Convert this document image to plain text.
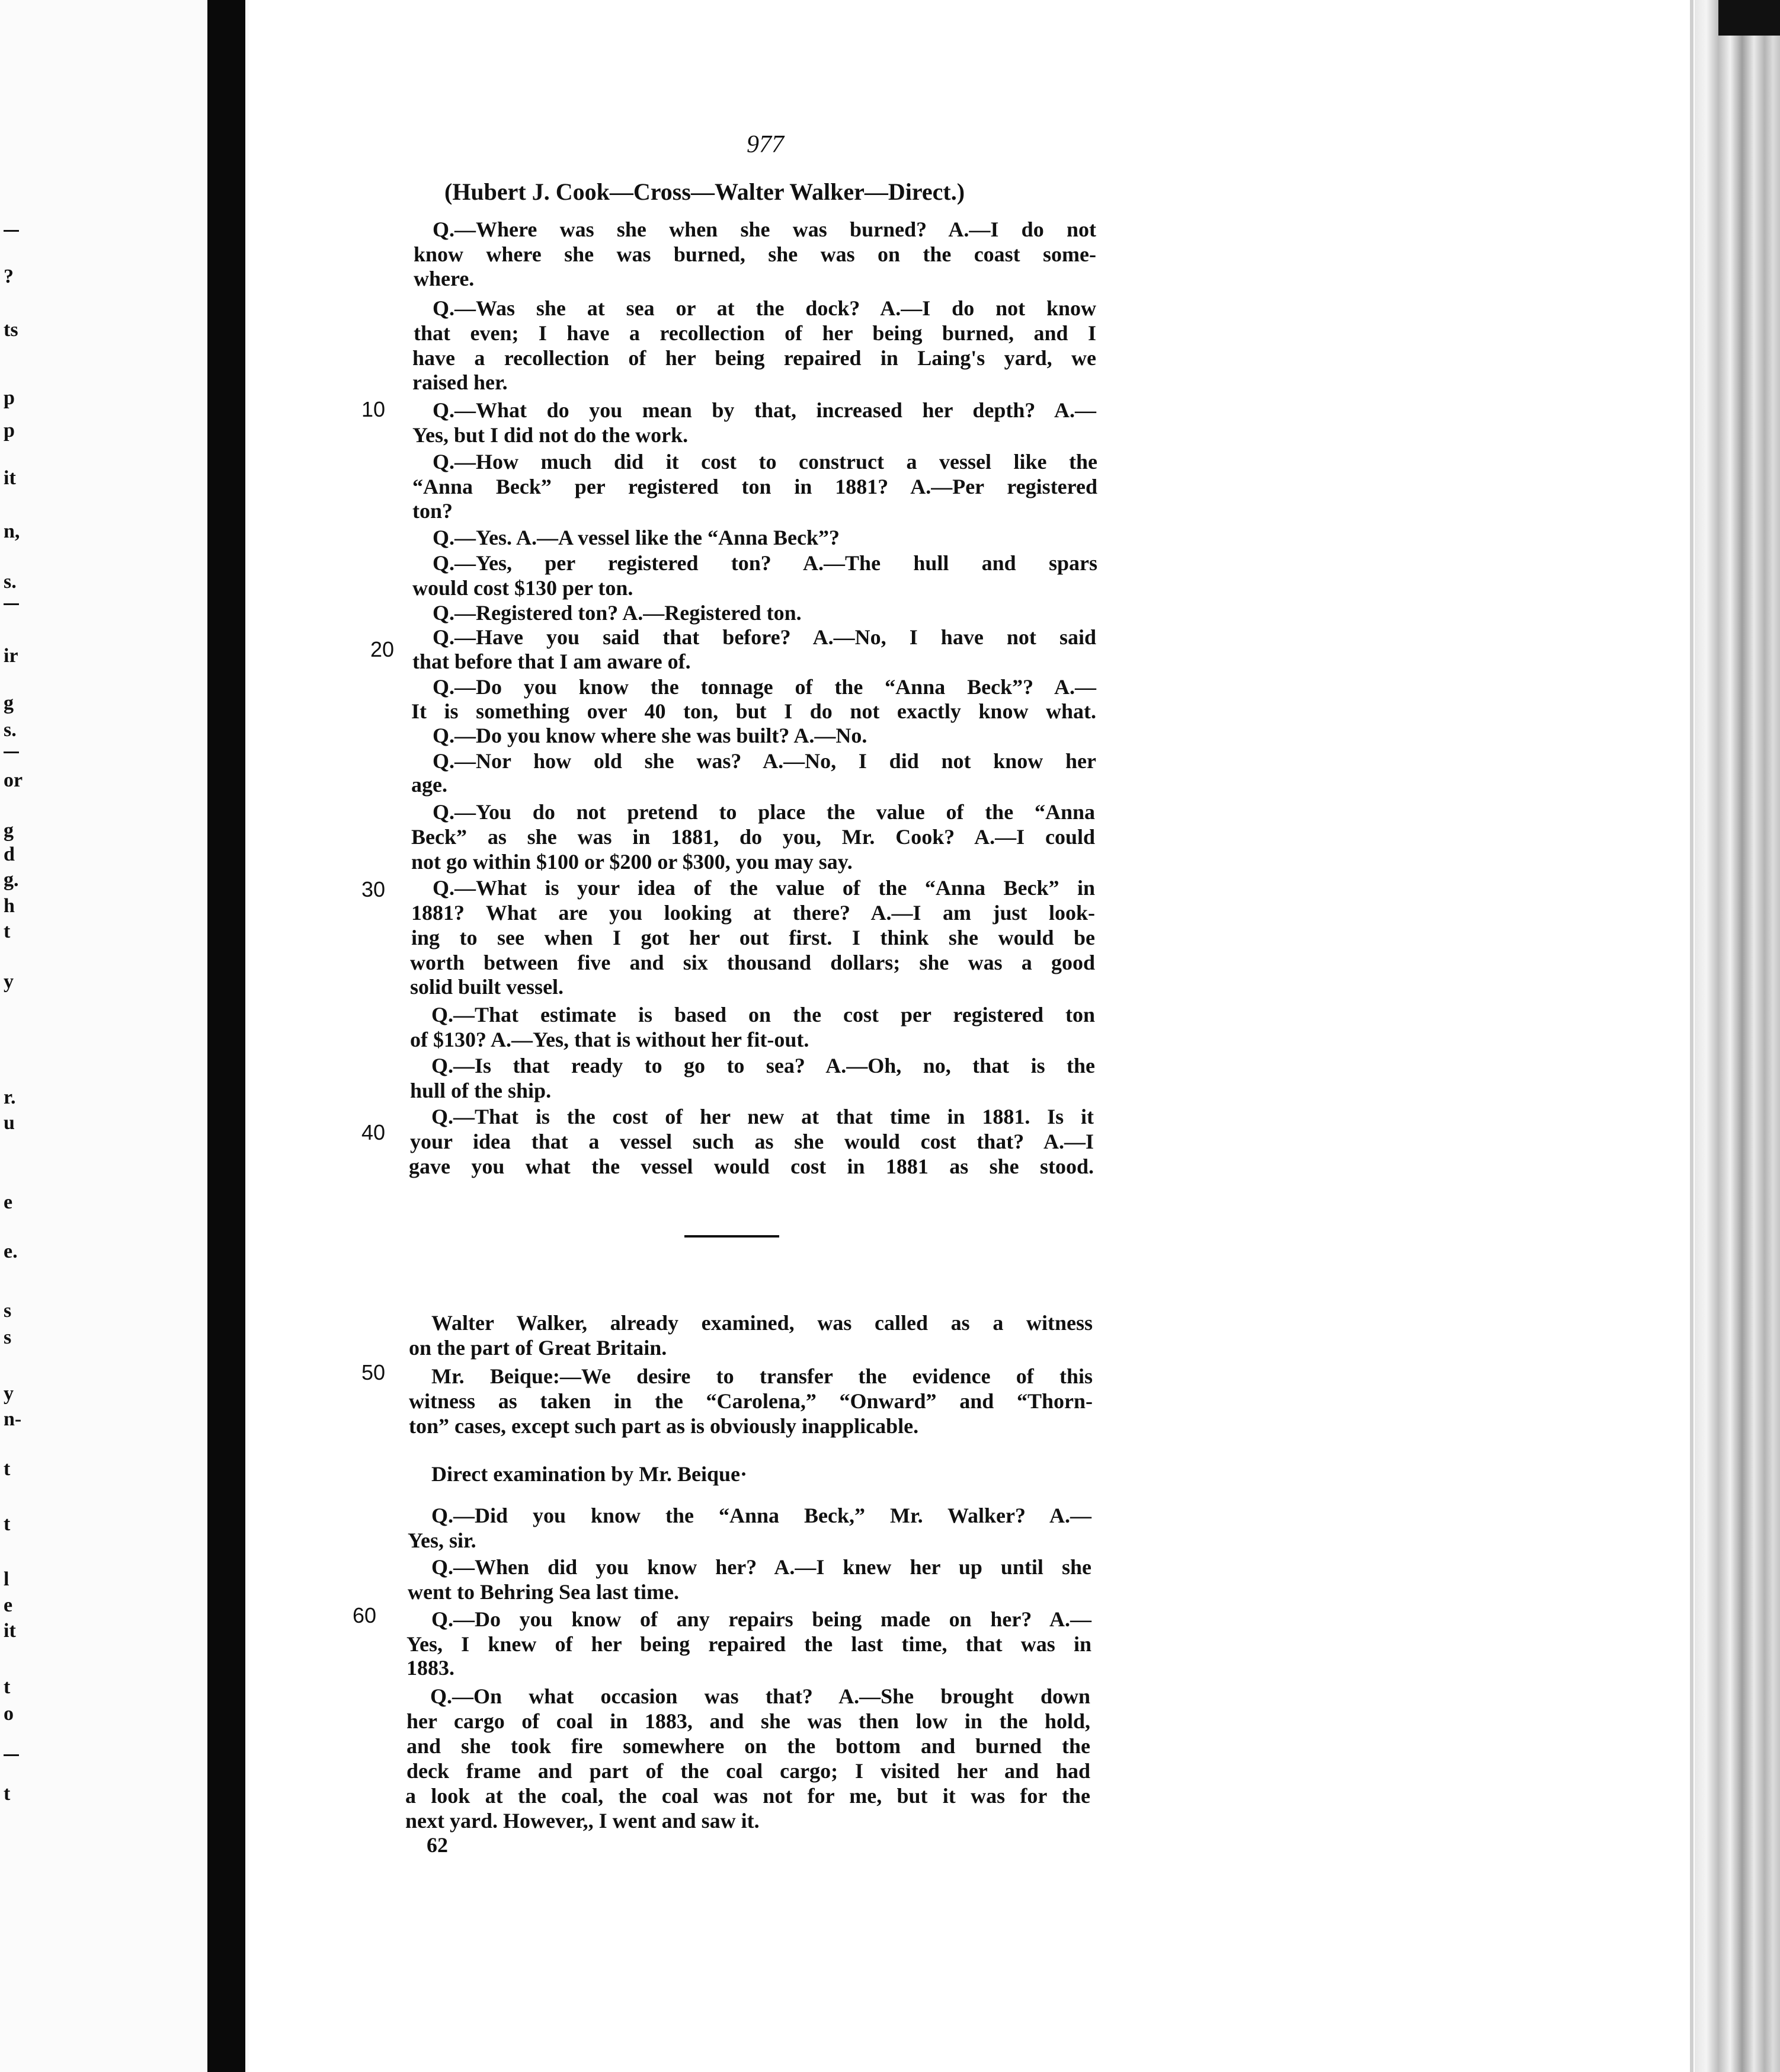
?
ts
p
p
it
n,
s.
ir
g
s.
or
g
d
g.
h
t
y
r.
u
e
e.
s
s
y
n-
t
t
l
e
it
t
o
t
977
(Hubert J. Cook—Cross—Walter Walker—Direct.)
10
20
30
40
50
60
Q.—Where was she when she was burned? A.—I do not
know where she was burned, she was on the coast some-
where.
Q.—Was she at sea or at the dock? A.—I do not know
that even; I have a recollection of her being burned, and I
have a recollection of her being repaired in Laing's yard, we
raised her.
Q.—What do you mean by that, increased her depth? A.—
Yes, but I did not do the work.
Q.—How much did it cost to construct a vessel like the
“Anna Beck” per registered ton in 1881? A.—Per registered
ton?
Q.—Yes. A.—A vessel like the “Anna Beck”?
Q.—Yes, per registered ton? A.—The hull and spars
would cost $130 per ton.
Q.—Registered ton? A.—Registered ton.
Q.—Have you said that before? A.—No, I have not said
that before that I am aware of.
Q.—Do you know the tonnage of the “Anna Beck”? A.—
It is something over 40 ton, but I do not exactly know what.
Q.—Do you know where she was built? A.—No.
Q.—Nor how old she was? A.—No, I did not know her
age.
Q.—You do not pretend to place the value of the “Anna
Beck” as she was in 1881, do you, Mr. Cook? A.—I could
not go within $100 or $200 or $300, you may say.
Q.—What is your idea of the value of the “Anna Beck” in
1881? What are you looking at there? A.—I am just look-
ing to see when I got her out first. I think she would be
worth between five and six thousand dollars; she was a good
solid built vessel.
Q.—That estimate is based on the cost per registered ton
of $130? A.—Yes, that is without her fit-out.
Q.—Is that ready to go to sea? A.—Oh, no, that is the
hull of the ship.
Q.—That is the cost of her new at that time in 1881. Is it
your idea that a vessel such as she would cost that? A.—I
gave you what the vessel would cost in 1881 as she stood.
Walter Walker, already examined, was called as a witness
on the part of Great Britain.
Mr. Beique:—We desire to transfer the evidence of this
witness as taken in the “Carolena,” “Onward” and “Thorn-
ton” cases, except such part as is obviously inapplicable.
Direct examination by Mr. Beique·
Q.—Did you know the “Anna Beck,” Mr. Walker? A.—
Yes, sir.
Q.—When did you know her? A.—I knew her up until she
went to Behring Sea last time.
Q.—Do you know of any repairs being made on her? A.—
Yes, I knew of her being repaired the last time, that was in
1883.
Q.—On what occasion was that? A.—She brought down
her cargo of coal in 1883, and she was then low in the hold,
and she took fire somewhere on the bottom and burned the
deck frame and part of the coal cargo; I visited her and had
a look at the coal, the coal was not for me, but it was for the
next yard. However,, I went and saw it.
62
